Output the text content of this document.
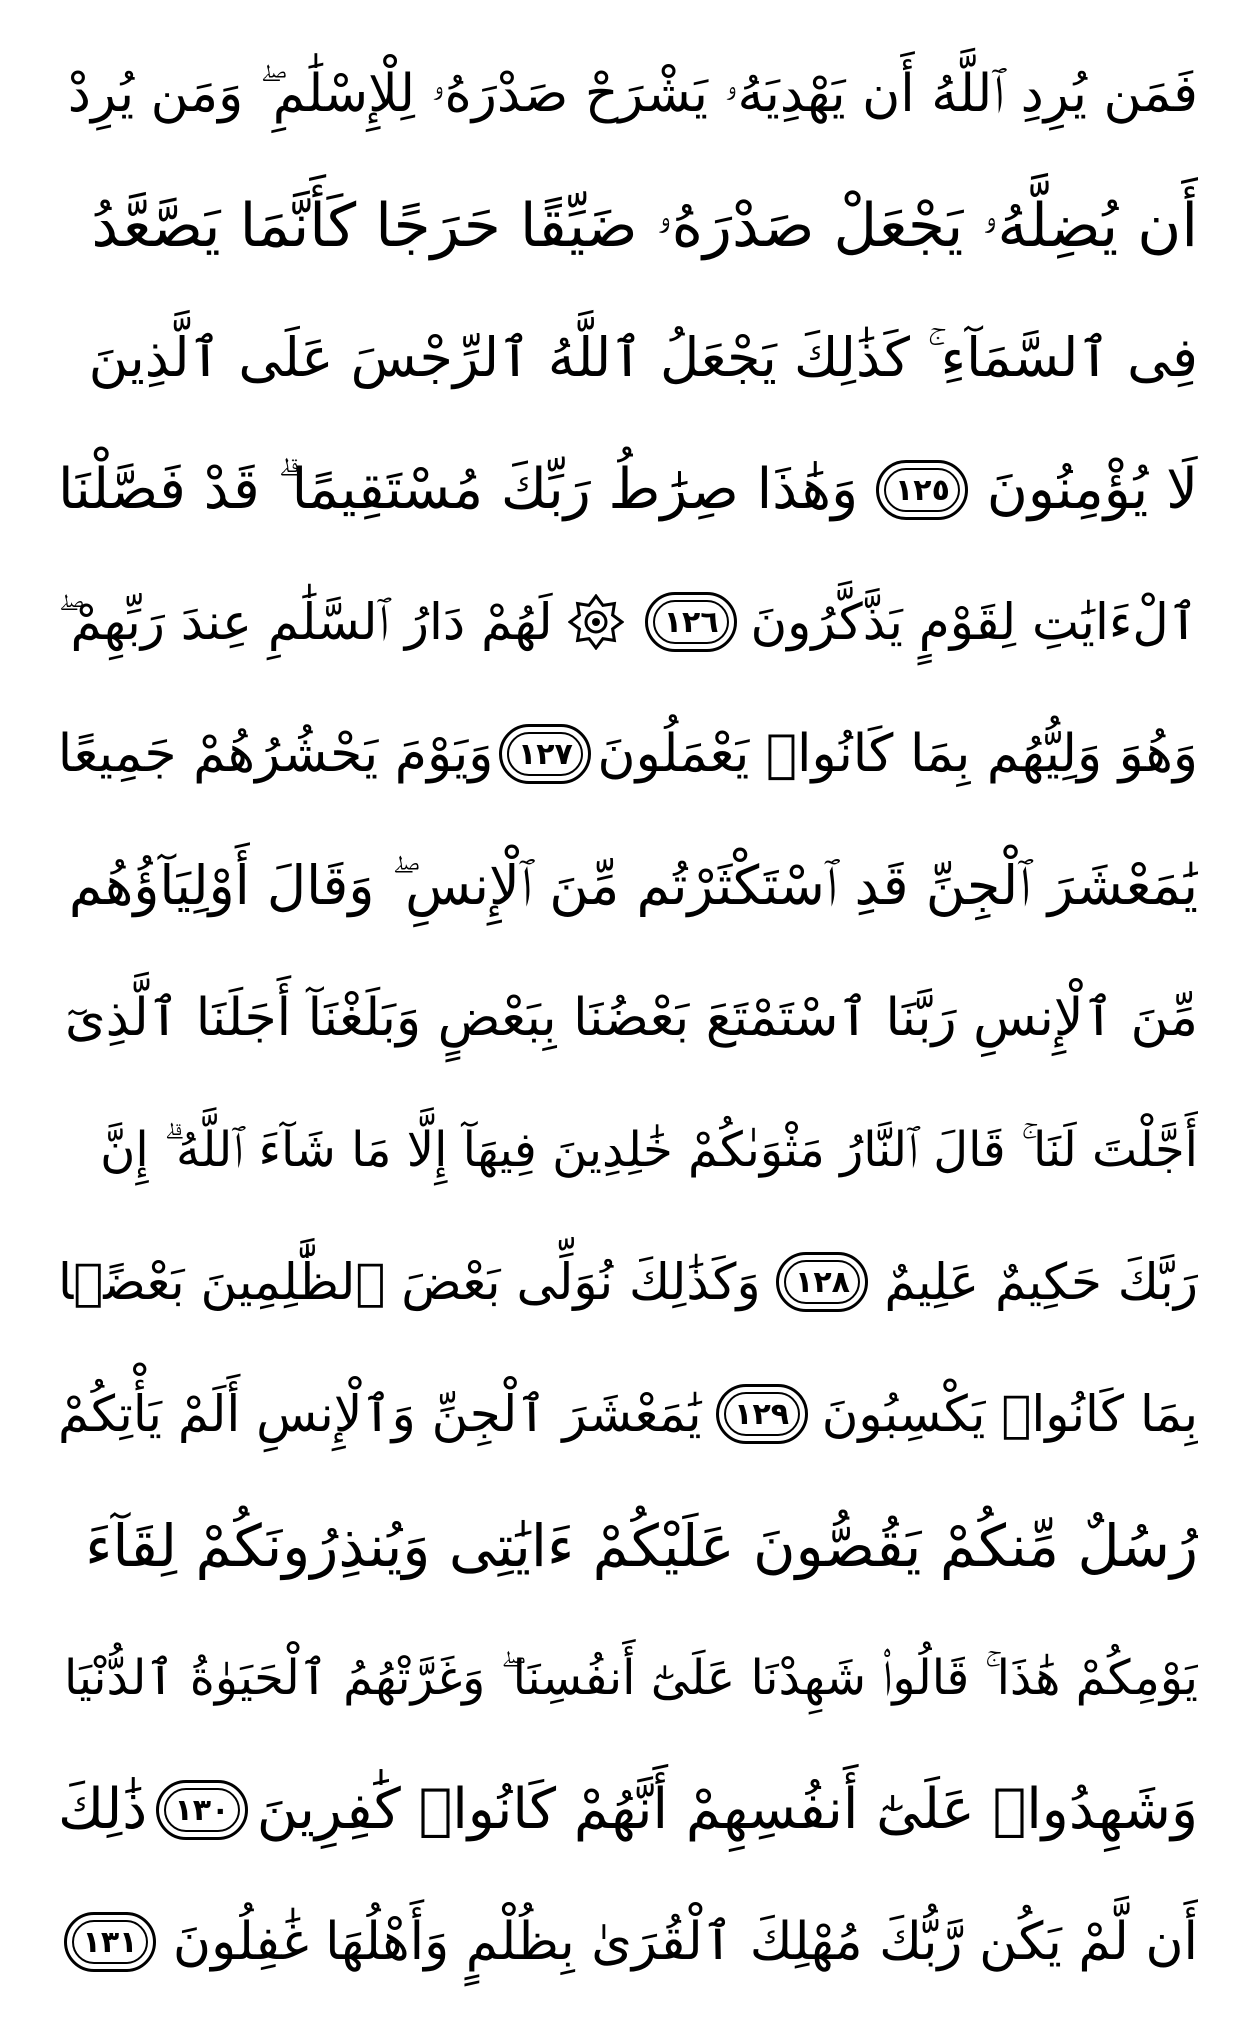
فَمَن يُرِدِ ٱللَّهُ أَن يَهْدِيَهُۥ يَشْرَحْ صَدْرَهُۥ لِلْإِسْلَٰمِ ۖ وَمَن يُرِدْ
أَن يُضِلَّهُۥ يَجْعَلْ صَدْرَهُۥ ضَيِّقًا حَرَجًا كَأَنَّمَا يَصَّعَّدُ
فِى ٱلسَّمَآءِ ۚ كَذَٰلِكَ يَجْعَلُ ٱللَّهُ ٱلرِّجْسَ عَلَى ٱلَّذِينَ
لَا يُؤْمِنُونَ
١٢٥
وَهَٰذَا صِرَٰطُ رَبِّكَ مُسْتَقِيمًا ۗ قَدْ فَصَّلْنَا
ٱلْءَايَٰتِ لِقَوْمٍ يَذَّكَّرُونَ
١٢٦
لَهُمْ دَارُ ٱلسَّلَٰمِ عِندَ رَبِّهِمْ ۖ
وَهُوَ وَلِيُّهُم بِمَا كَانُوا۟ يَعْمَلُونَ
١٢٧
وَيَوْمَ يَحْشُرُهُمْ جَمِيعًا
يَٰمَعْشَرَ ٱلْجِنِّ قَدِ ٱسْتَكْثَرْتُم مِّنَ ٱلْإِنسِ ۖ وَقَالَ أَوْلِيَآؤُهُم
مِّنَ ٱلْإِنسِ رَبَّنَا ٱسْتَمْتَعَ بَعْضُنَا بِبَعْضٍ وَبَلَغْنَآ أَجَلَنَا ٱلَّذِىٓ
أَجَّلْتَ لَنَا ۚ قَالَ ٱلنَّارُ مَثْوَىٰكُمْ خَٰلِدِينَ فِيهَآ إِلَّا مَا شَآءَ ٱللَّهُ ۗ إِنَّ
رَبَّكَ حَكِيمٌ عَلِيمٌ
١٢٨
وَكَذَٰلِكَ نُوَلِّى بَعْضَ ٱلظَّٰلِمِينَ بَعْضًۢا
بِمَا كَانُوا۟ يَكْسِبُونَ
١٢٩
يَٰمَعْشَرَ ٱلْجِنِّ وَٱلْإِنسِ أَلَمْ يَأْتِكُمْ
رُسُلٌ مِّنكُمْ يَقُصُّونَ عَلَيْكُمْ ءَايَٰتِى وَيُنذِرُونَكُمْ لِقَآءَ
يَوْمِكُمْ هَٰذَا ۚ قَالُوا۟ شَهِدْنَا عَلَىٰٓ أَنفُسِنَا ۖ وَغَرَّتْهُمُ ٱلْحَيَوٰةُ ٱلدُّنْيَا
وَشَهِدُوا۟ عَلَىٰٓ أَنفُسِهِمْ أَنَّهُمْ كَانُوا۟ كَٰفِرِينَ
١٣٠
ذَٰلِكَ
أَن لَّمْ يَكُن رَّبُّكَ مُهْلِكَ ٱلْقُرَىٰ بِظُلْمٍ وَأَهْلُهَا غَٰفِلُونَ
١٣١
